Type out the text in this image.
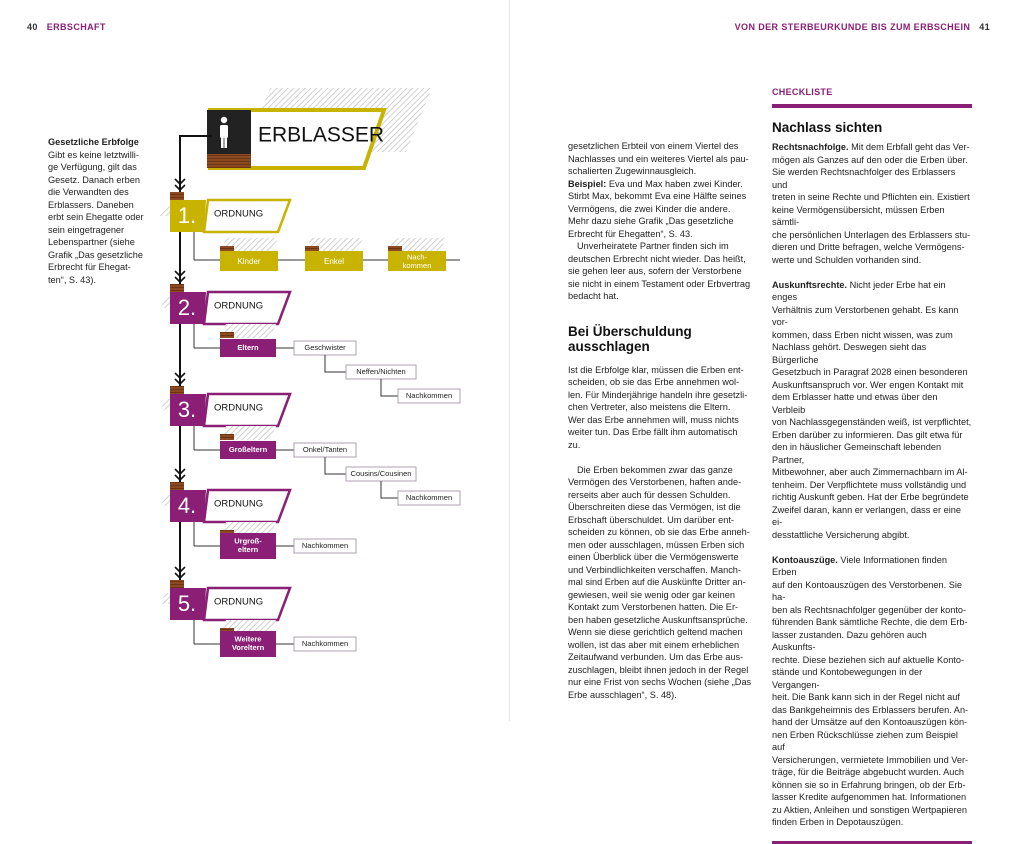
40 ERBSCHAFT	VON DER STERBEURKUNDE BIS ZUM ERBSCHEIN 41
Gesetzliche Erbfolge
Gibt es keine letztwilli-
ge Verfügung, gilt das
Gesetz. Danach erben
die Verwandten des
Erblassers. Daneben
erbt sein Ehegatte oder
sein eingetragener
Lebenspartner (siehe
Grafik „Das gesetzliche
Erbrecht für Ehegat-
ten“, S. 43).
ERBLASSER
1. ORDNUNG
Kinder	Enkel	Nach-
kommen
2. ORDNUNG
Eltern	Geschwister
Neffen/Nichten
Nachkommen
3. ORDNUNG
Großeltern	Onkel/Tanten
Cousins/Cousinen
Nachkommen
4. ORDNUNG
Urgroß-
eltern	Nachkommen
5. ORDNUNG
Weitere
Voreltern	Nachkommen
gesetzlichen Erbteil von einem Viertel des
Nachlasses und ein weiteres Viertel als pau-
schalierten Zugewinnausgleich.
Beispiel: Eva und Max haben zwei Kinder.
Stirbt Max, bekommt Eva eine Hälfte seines
Vermögens, die zwei Kinder die andere.
Mehr dazu siehe Grafik „Das gesetzliche
Erbrecht für Ehegatten“, S. 43.
Unverheiratete Partner finden sich im
deutschen Erbrecht nicht wieder. Das heißt,
sie gehen leer aus, sofern der Verstorbene
sie nicht in einem Testament oder Erbvertrag
bedacht hat.
Bei Überschuldung
ausschlagen
Ist die Erbfolge klar, müssen die Erben ent-
scheiden, ob sie das Erbe annehmen wol-
len. Für Minderjährige handeln ihre gesetzli-
chen Vertreter, also meistens die Eltern.
Wer das Erbe annehmen will, muss nichts
weiter tun. Das Erbe fällt ihm automatisch
zu.
Die Erben bekommen zwar das ganze
Vermögen des Verstorbenen, haften ande-
rerseits aber auch für dessen Schulden.
Überschreiten diese das Vermögen, ist die
Erbschaft überschuldet. Um darüber ent-
scheiden zu können, ob sie das Erbe anneh-
men oder ausschlagen, müssen Erben sich
einen Überblick über die Vermögenswerte
und Verbindlichkeiten verschaffen. Manch-
mal sind Erben auf die Auskünfte Dritter an-
gewiesen, weil sie wenig oder gar keinen
Kontakt zum Verstorbenen hatten. Die Er-
ben haben gesetzliche Auskunftsansprüche.
Wenn sie diese gerichtlich geltend machen
wollen, ist das aber mit einem erheblichen
Zeitaufwand verbunden. Um das Erbe aus-
zuschlagen, bleibt ihnen jedoch in der Regel
nur eine Frist von sechs Wochen (siehe „Das
Erbe ausschlagen“, S. 48).
CHECKLISTE
Nachlass sichten
Rechtsnachfolge. Mit dem Erbfall geht das Ver-
mögen als Ganzes auf den oder die Erben über.
Sie werden Rechtsnachfolger des Erblassers und
treten in seine Rechte und Pflichten ein. Existiert
keine Vermögensübersicht, müssen Erben sämtli-
che persönlichen Unterlagen des Erblassers stu-
dieren und Dritte befragen, welche Vermögens-
werte und Schulden vorhanden sind.
Auskunftsrechte. Nicht jeder Erbe hat ein enges
Verhältnis zum Verstorbenen gehabt. Es kann vor-
kommen, dass Erben nicht wissen, was zum
Nachlass gehört. Deswegen sieht das Bürgerliche
Gesetzbuch in Paragraf 2028 einen besonderen
Auskunftsanspruch vor. Wer engen Kontakt mit
dem Erblasser hatte und etwas über den Verbleib
von Nachlassgegenständen weiß, ist verpflichtet,
Erben darüber zu informieren. Das gilt etwa für
den in häuslicher Gemeinschaft lebenden Partner,
Mitbewohner, aber auch Zimmernachbarn im Al-
tenheim. Der Verpflichtete muss vollständig und
richtig Auskunft geben. Hat der Erbe begründete
Zweifel daran, kann er verlangen, dass er eine ei-
desstattliche Versicherung abgibt.
Kontoauszüge. Viele Informationen finden Erben
auf den Kontoauszügen des Verstorbenen. Sie ha-
ben als Rechtsnachfolger gegenüber der konto-
führenden Bank sämtliche Rechte, die dem Erb-
lasser zustanden. Dazu gehören auch Auskunfts-
rechte. Diese beziehen sich auf aktuelle Konto-
stände und Kontobewegungen in der Vergangen-
heit. Die Bank kann sich in der Regel nicht auf
das Bankgeheimnis des Erblassers berufen. An-
hand der Umsätze auf den Kontoauszügen kön-
nen Erben Rückschlüsse ziehen zum Beispiel auf
Versicherungen, vermietete Immobilien und Ver-
träge, für die Beiträge abgebucht wurden. Auch
können sie so in Erfahrung bringen, ob der Erb-
lasser Kredite aufgenommen hat. Informationen
zu Aktien, Anleihen und sonstigen Wertpapieren
finden Erben in Depotauszügen.
